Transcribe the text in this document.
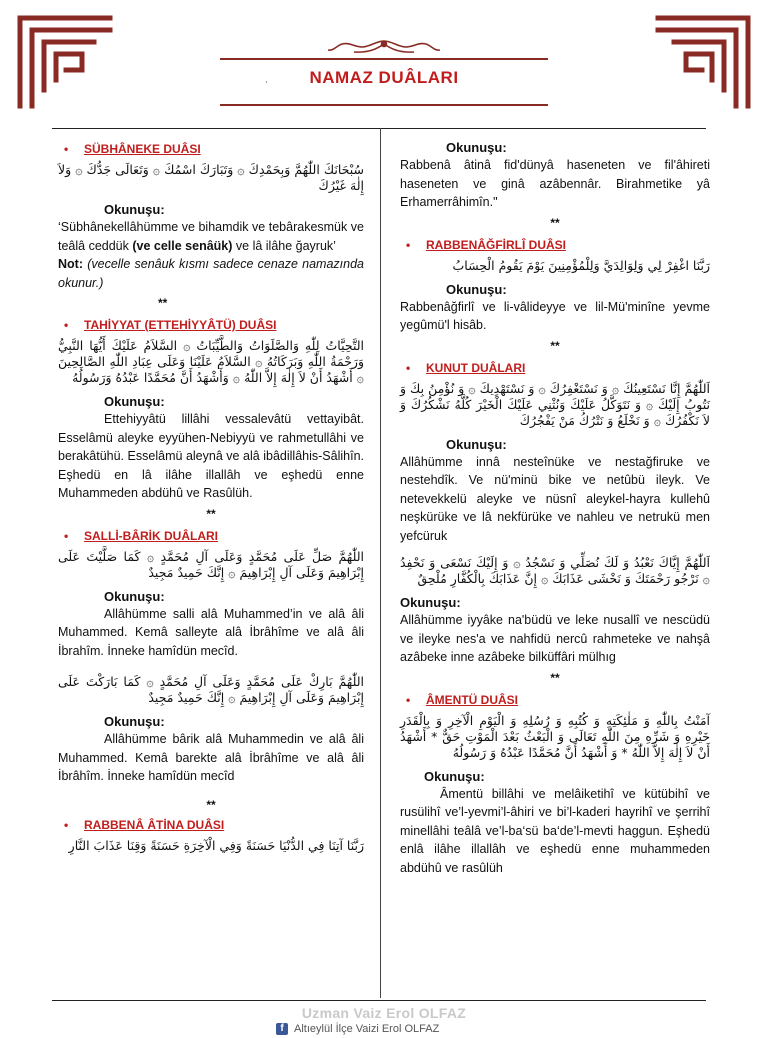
NAMAZ DUÂLARI
,
• SÜBHÂNEKE DUÂSI

سُبْحَانَكَ اللّٰهُمَّ وَبِحَمْدِكَ ۞ وَتَبَارَكَ اسْمُكَ ۞ وَتَعَالَى جَدُّكَ ۞ وَلاَ إِلٰهَ غَيْرُكَ

Okunuşu:

‘Sübhânekellâhümme ve bihamdik ve tebârakesmük ve teâlâ ceddük (ve celle senâük) ve lâ ilâhe ğayruk’

Not: (vecelle senâuk kısmı sadece cenaze namazında okunur.)

**
• TAHİYYAT (ETTEHİYYÂTÜ) DUÂSI

التَّحِيَّاتُ لِلّٰهِ وَالصَّلَوَاتُ وَالطَّيِّبَاتُ ۞ السَّلاَمُ عَلَيْكَ أَيُّهَا النَّبِيُّ وَرَحْمَةُ اللّٰهِ وَبَرَكَاتُهُ ۞ السَّلاَمُ عَلَيْنَا وَعَلَى عِبَادِ اللّٰهِ الصَّالِحِينَ ۞ أَشْهَدُ أَنْ لاَ إِلٰهَ إِلاَّ اللّٰهُ ۞ وَأَشْهَدُ أَنَّ مُحَمَّدًا عَبْدُهُ وَرَسُولُهُ

Okunuşu:

Ettehiyyâtü lillâhi vessalevâtü vettayibât. Esselâmü aleyke eyyühen-Nebiyyü ve rahmetullâhi ve berakâtühü. Esselâmü aleynâ ve alâ ibâdillâhis-Sâlihîn. Eşhedü en lâ ilâhe illallâh ve eşhedü enne Muhammeden abdühû ve Rasûlüh.

**
• SALLİ-BÂRİK DUÂLARI

اللّٰهُمَّ صَلِّ عَلَى مُحَمَّدٍ وَعَلَى آلِ مُحَمَّدٍ ۞ كَمَا صَلَّيْتَ عَلَى إِبْرَاهِيمَ وَعَلَى آلِ إِبْرَاهِيمَ ۞ إِنَّكَ حَمِيدٌ مَجِيدٌ

Okunuşu:

Allâhümme salli alâ Muhammed’in ve alâ âli Muhammed. Kemâ salleyte alâ İbrâhîme ve alâ âli İbrahîm. İnneke hamîdün mecîd.

اللّٰهُمَّ بَارِكْ عَلَى مُحَمَّدٍ وَعَلَى آلِ مُحَمَّدٍ ۞ كَمَا بَارَكْتَ عَلَى إِبْرَاهِيمَ وَعَلَى آلِ إِبْرَاهِيمَ ۞ إِنَّكَ حَمِيدٌ مَجِيدٌ

Okunuşu:

Allâhümme bârik alâ Muhammedin ve alâ âli Muhammed. Kemâ barekte alâ İbrâhîme ve alâ âli İbrâhîm. İnneke hamîdün mecîd

**
• RABBENÂ ÂTİNA DUÂSI

رَبَّنَا آتِنَا فِي الدُّنْيَا حَسَنَةً وَفِي الْآخِرَةِ حَسَنَةً وَقِنَا عَذَابَ النَّارِ

Okunuşu:

Rabbenâ âtinâ fid'dünyâ haseneten ve fil'âhireti haseneten ve ginâ azâbennâr. Birahmetike yâ Erhamerrâhimîn."

**
• RABBENÂĞFİRLÎ DUÂSI

رَبَّنَا اغْفِرْ لِي وَلِوَالِدَيَّ وَلِلْمُؤْمِنِينَ يَوْمَ يَقُومُ الْحِسَابُ

Okunuşu:

Rabbenâğfirlî ve li-vâlideyye ve lil-Mü'minîne yevme yegûmü'l hisâb.

**
• KUNUT DUÂLARI

اَللّٰهُمَّ إِنَّا نَسْتَعِينُكَ ۞ وَ نَسْتَغْفِرُكَ ۞ وَ نَسْتَهْدِيكَ ۞ وَ نُؤْمِنُ بِكَ وَ نَتُوبُ إِلَيْكَ ۞ وَ نَتَوَكَّلُ عَلَيْكَ وَنُثْنِي عَلَيْكَ الْخَيْرَ كُلَّهُ نَشْكُرُكَ وَ لاَ نَكْفُرُكَ ۞ وَ نَخْلَعُ وَ نَتْرُكُ مَنْ يَفْجُرُكَ

Okunuşu:

Allâhümme innâ nesteînüke ve nestağfiruke ve nestehdîk. Ve nü'minü bike ve netûbü ileyk. Ve netevekkelü aleyke ve nüsnî aleykel-hayra kullehû neşkürüke ve lâ nekfürüke ve nahleu ve netrukü men yefcüruk

اَللّٰهُمَّ إِيَّاكَ نَعْبُدُ وَ لَكَ نُصَلِّي وَ نَسْجُدُ ۞ وَ إِلَيْكَ نَسْعَى وَ نَحْفِدُ ۞ نَرْجُو رَحْمَتَكَ وَ نَخْشَى عَذَابَكَ ۞ إِنَّ عَذَابَكَ بِالْكُفَّارِ مُلْحِقٌ

Okunuşu:

Allâhümme iyyâke na'büdü ve leke nusallî ve nescüdü ve ileyke nes'a ve nahfidü nercû rahmeteke ve nahşâ azâbeke inne azâbeke bilküffâri mülhıg

**
• ÂMENTÜ DUÂSI

آمَنْتُ بِاللّٰهِ وَ مَلٰئِكَتِهِ وَ كُتُبِهِ وَ رُسُلِهِ وَ الْيَوْمِ الْآخِرِ وَ بِالْقَدَرِ خَيْرِهِ وَ شَرِّهِ مِنَ اللّٰهِ تَعَالَى وَ الْبَعْثُ بَعْدَ الْمَوْتِ حَقٌّ * أَشْهَدُ أَنْ لاَ إِلٰهَ إِلاَّ اللّٰهُ * وَ أَشْهَدُ أَنَّ مُحَمَّدًا عَبْدُهُ وَ رَسُولُهُ

Okunuşu:

Âmentü billâhi ve melâiketihî ve kütübihî ve rusülihî ve’l-yevmi’l-âhiri ve bi’l-kaderi hayrihî ve şerrihî minellâhi teâlâ ve’l-ba‘sü ba‘de’l-mevti haggun. Eşhedü enlâ ilâhe illallâh ve eşhedü enne muhammeden abdühû ve rasûlüh

Uzman Vaiz Erol OLFAZ
f Altıeylül İlçe Vaizi Erol OLFAZ
